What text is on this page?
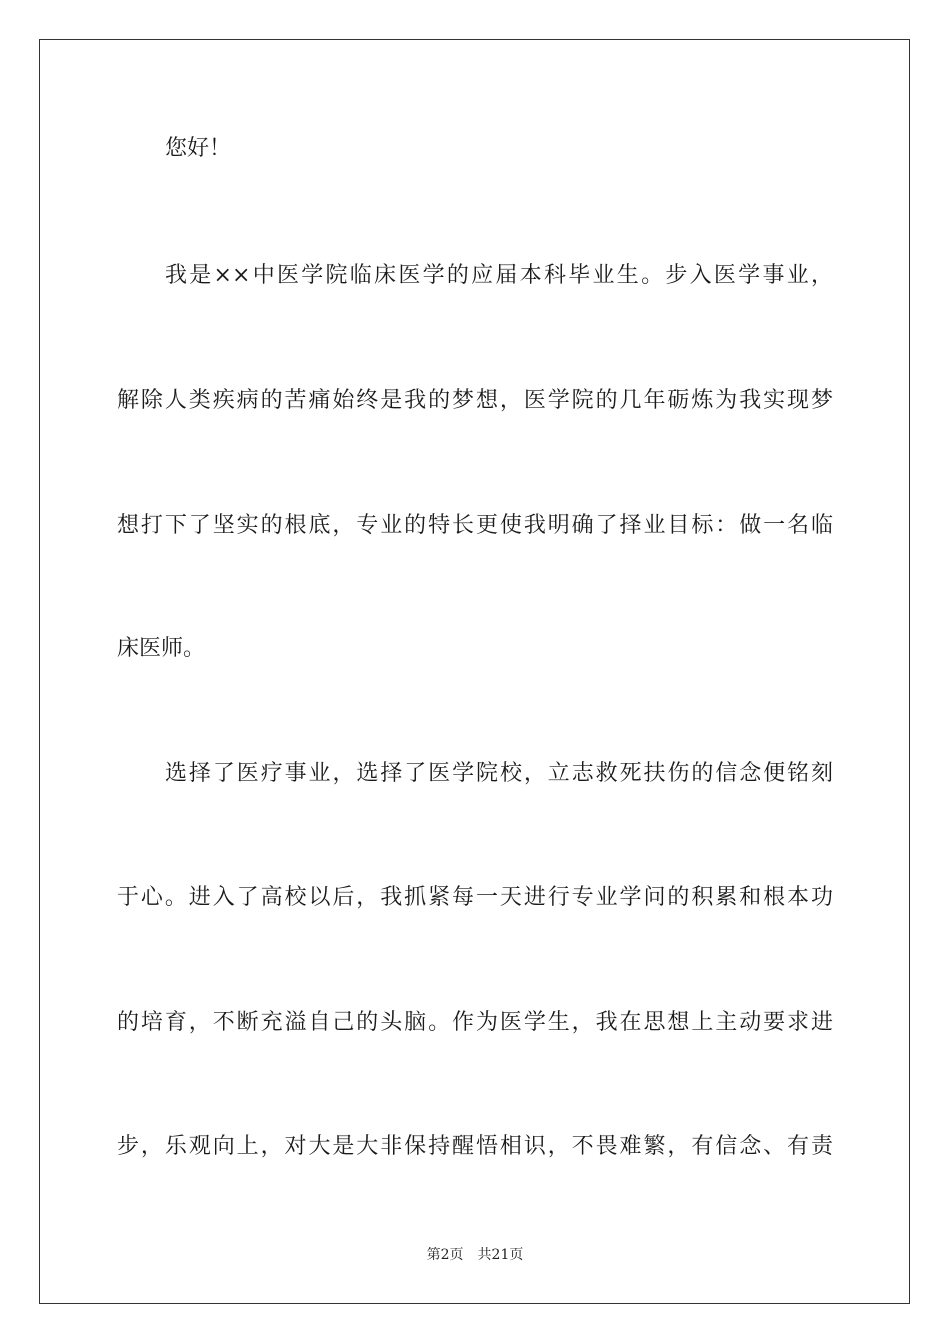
您好！
我是××中医学院临床医学的应届本科毕业生。步入医学事业，
解除人类疾病的苦痛始终是我的梦想，医学院的几年砺炼为我实现梦
想打下了坚实的根底，专业的特长更使我明确了择业目标：做一名临
床医师。
选择了医疗事业，选择了医学院校，立志救死扶伤的信念便铭刻
于心。进入了高校以后，我抓紧每一天进行专业学问的积累和根本功
的培育，不断充溢自己的头脑。作为医学生，我在思想上主动要求进
步，乐观向上，对大是大非保持醒悟相识，不畏难繁，有信念、有责
第2页 共21页
